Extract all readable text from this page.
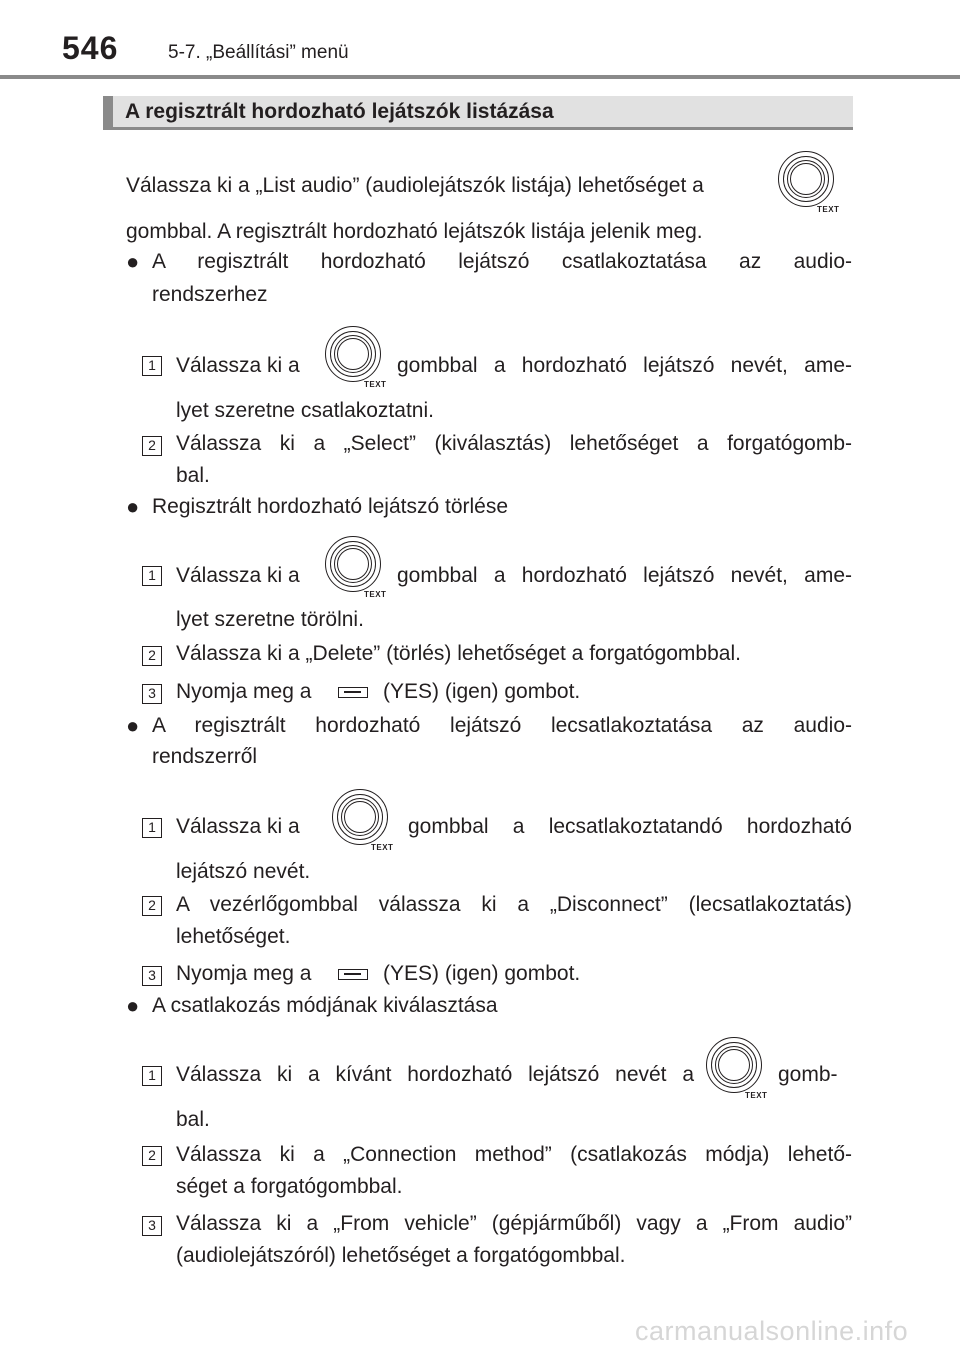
546	5-7. „Beállítási” menü
A regisztrált hordozható lejátszók listázása
Válassza ki a „List audio” (audiolejátszók listája) lehetőséget a
TEXT
gombbal. A regisztrált hordozható lejátszók listája jelenik meg.
● A regisztrált hordozható lejátszó csatlakoztatása az audio-
rendszerhez
1 Válassza ki a
TEXT
gombbal a hordozható lejátszó nevét, ame-
lyet szeretne csatlakoztatni.
2 Válassza ki a „Select” (kiválasztás) lehetőséget a forgatógomb-
bal.
● Regisztrált hordozható lejátszó törlése
1 Válassza ki a
TEXT
gombbal a hordozható lejátszó nevét, ame-
lyet szeretne törölni.
2 Válassza ki a „Delete” (törlés) lehetőséget a forgatógombbal.
3 Nyomja meg a	(YES) (igen) gombot.
● A regisztrált hordozható lejátszó lecsatlakoztatása az audio-
rendszerről
1 Válassza ki a
TEXT
gombbal a lecsatlakoztatandó hordozható
lejátszó nevét.
2 A vezérlőgombbal válassza ki a „Disconnect” (lecsatlakoztatás)
lehetőséget.
3 Nyomja meg a	(YES) (igen) gombot.
● A csatlakozás módjának kiválasztása
1 Válassza ki a kívánt hordozható lejátszó nevét a
TEXT
gomb-
bal.
2 Válassza ki a „Connection method” (csatlakozás módja) lehető-
séget a forgatógombbal.
3 Válassza ki a „From vehicle” (gépjárműből) vagy a „From audio”
(audiolejátszóról) lehetőséget a forgatógombbal.
carmanualsonline.info
